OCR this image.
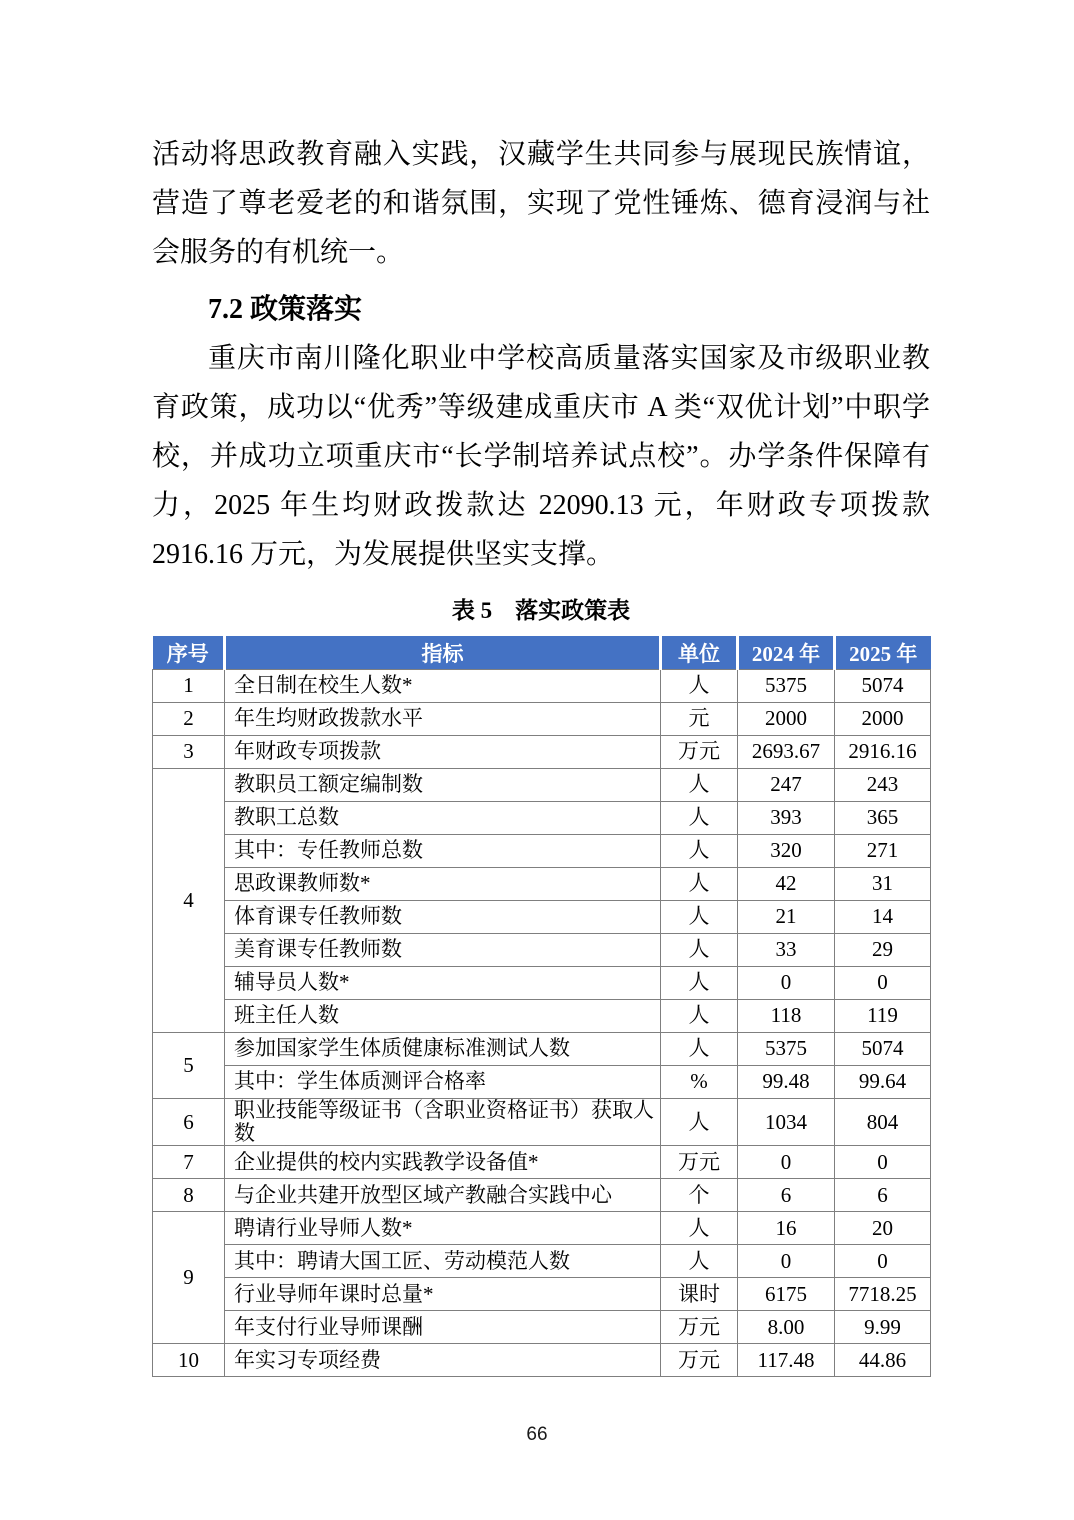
活动将思政教育融入实践，汉藏学生共同参与展现民族情谊，营造了尊老爱老的和谐氛围，实现了党性锤炼、德育浸润与社会服务的有机统一。

7.2 政策落实

重庆市南川隆化职业中学校高质量落实国家及市级职业教育政策，成功以“优秀”等级建成重庆市 A 类“双优计划”中职学校，并成功立项重庆市“长学制培养试点校”。办学条件保障有力，2025 年生均财政拨款达 22090.13 元，年财政专项拨款 2916.16 万元，为发展提供坚实支撑。

表 5　落实政策表
序号	指标	单位	2024 年	2025 年
1	全日制在校生人数*	人	5375	5074
2	年生均财政拨款水平	元	2000	2000
3	年财政专项拨款	万元	2693.67	2916.16
4	教职员工额定编制数	人	247	243
	教职工总数	人	393	365
	其中：专任教师总数	人	320	271
	思政课教师数*	人	42	31
	体育课专任教师数	人	21	14
	美育课专任教师数	人	33	29
	辅导员人数*	人	0	0
	班主任人数	人	118	119
5	参加国家学生体质健康标准测试人数	人	5375	5074
	其中：学生体质测评合格率	%	99.48	99.64
6	职业技能等级证书（含职业资格证书）获取人数	人	1034	804
7	企业提供的校内实践教学设备值*	万元	0	0
8	与企业共建开放型区域产教融合实践中心	个	6	6
9	聘请行业导师人数*	人	16	20
	其中：聘请大国工匠、劳动模范人数	人	0	0
	行业导师年课时总量*	课时	6175	7718.25
	年支付行业导师课酬	万元	8.00	9.99
10	年实习专项经费	万元	117.48	44.86
66
